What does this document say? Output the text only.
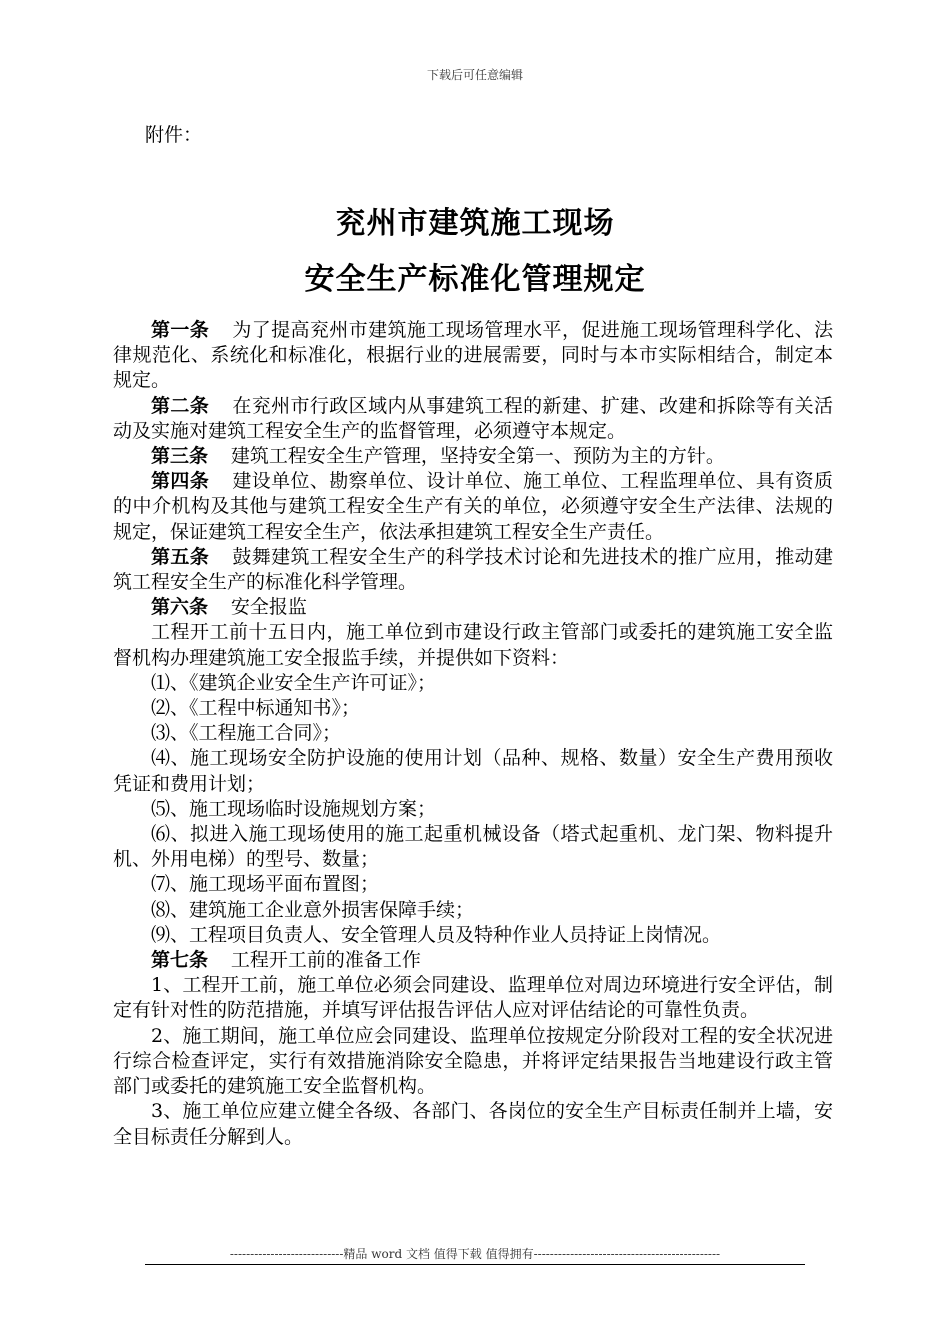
下载后可任意编辑
附件：
兖州市建筑施工现场
安全生产标准化管理规定

第一条 为了提高兖州市建筑施工现场管理水平，促进施工现场管理科学化、法律规范化、系统化和标准化，根据行业的进展需要，同时与本市实际相结合，制定本规定。

第二条 在兖州市行政区域内从事建筑工程的新建、扩建、改建和拆除等有关活动及实施对建筑工程安全生产的监督管理，必须遵守本规定。

第三条 建筑工程安全生产管理，坚持安全第一、预防为主的方针。

第四条 建设单位、勘察单位、设计单位、施工单位、工程监理单位、具有资质的中介机构及其他与建筑工程安全生产有关的单位，必须遵守安全生产法律、法规的规定，保证建筑工程安全生产，依法承担建筑工程安全生产责任。

第五条 鼓舞建筑工程安全生产的科学技术讨论和先进技术的推广应用，推动建筑工程安全生产的标准化科学管理。

第六条 安全报监

工程开工前十五日内，施工单位到市建设行政主管部门或委托的建筑施工安全监督机构办理建筑施工安全报监手续，并提供如下资料：

⑴、《建筑企业安全生产许可证》；

⑵、《工程中标通知书》；

⑶、《工程施工合同》；

⑷、施工现场安全防护设施的使用计划（品种、规格、数量）安全生产费用预收凭证和费用计划；

⑸、施工现场临时设施规划方案；

⑹、拟进入施工现场使用的施工起重机械设备（塔式起重机、龙门架、物料提升机、外用电梯）的型号、数量；

⑺、施工现场平面布置图；

⑻、建筑施工企业意外损害保障手续；

⑼、工程项目负责人、安全管理人员及特种作业人员持证上岗情况。

第七条 工程开工前的准备工作

1、工程开工前，施工单位必须会同建设、监理单位对周边环境进行安全评估，制定有针对性的防范措施，并填写评估报告评估人应对评估结论的可靠性负责。

2、施工期间，施工单位应会同建设、监理单位按规定分阶段对工程的安全状况进行综合检查评定，实行有效措施消除安全隐患，并将评定结果报告当地建设行政主管部门或委托的建筑施工安全监督机构。

3、施工单位应建立健全各级、各部门、各岗位的安全生产目标责任制并上墙，安全目标责任分解到人。

----------------------------精品 word 文档 值得下载 值得拥有----------------------------------------------
